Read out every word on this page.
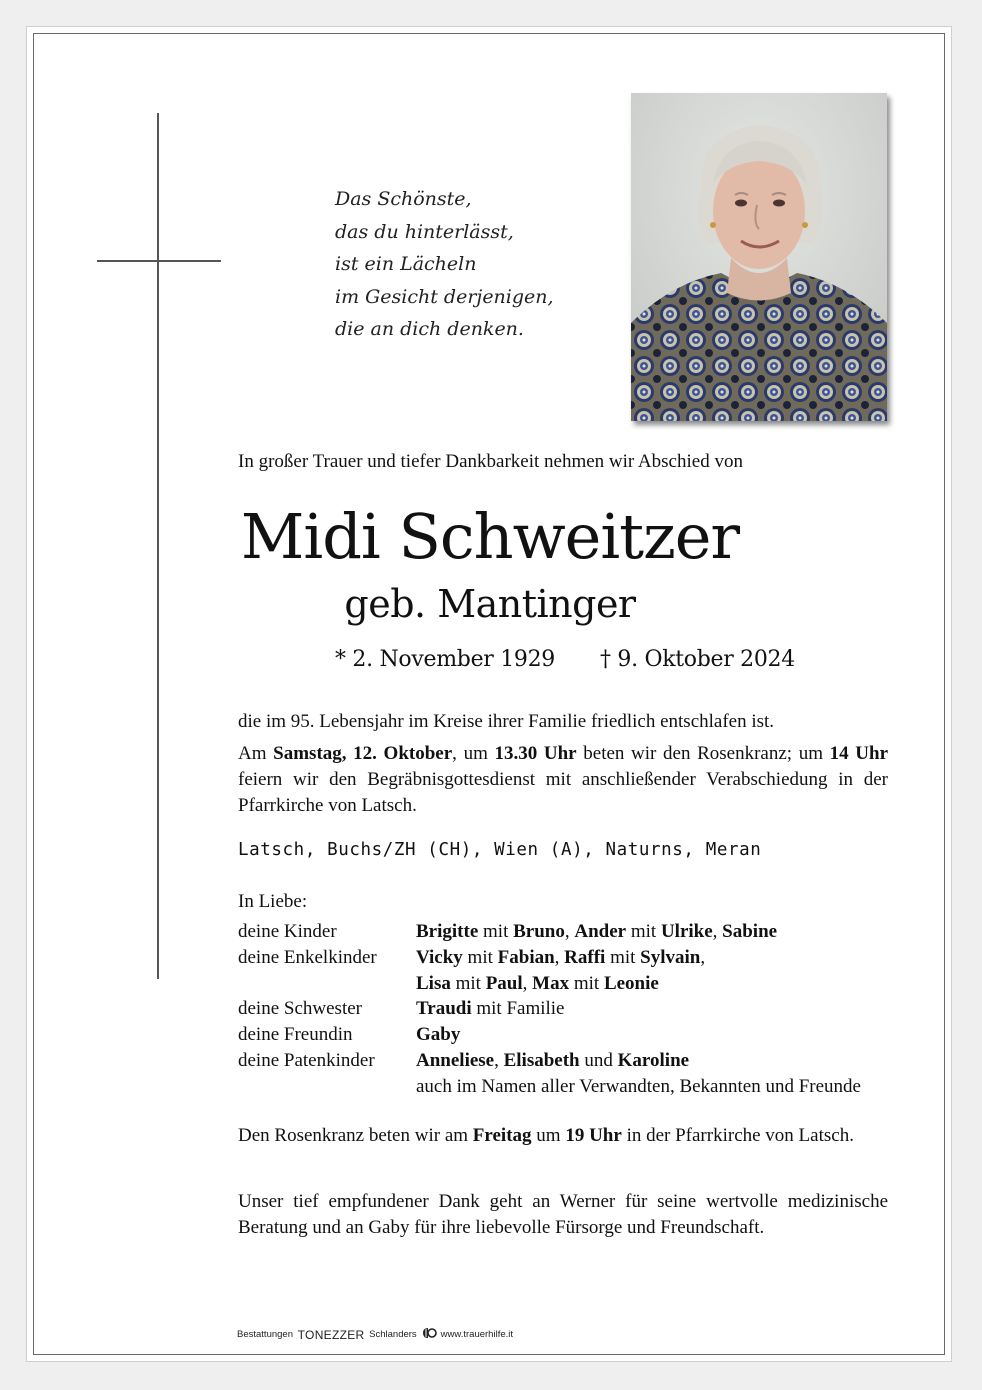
Das Schönste,
das du hinterlässt,
ist ein Lächeln
im Gesicht derjenigen,
die an dich denken.
In großer Trauer und tiefer Dankbarkeit nehmen wir Abschied von
Midi Schweitzer
geb. Mantinger
* 2. November 1929 † 9. Oktober 2024
die im 95. Lebensjahr im Kreise ihrer Familie friedlich entschlafen ist.
Am Samstag, 12. Oktober, um 13.30 Uhr beten wir den Rosenkranz; um 14 Uhr feiern wir den Begräbnisgottesdienst mit anschließender Verabschiedung in der Pfarrkirche von Latsch.
Latsch, Buchs/ZH (CH), Wien (A), Naturns, Meran
In Liebe:
deine Kinder	Brigitte mit Bruno, Ander mit Ulrike, Sabine
deine Enkelkinder	Vicky mit Fabian, Raffi mit Sylvain,
Lisa mit Paul, Max mit Leonie
deine Schwester	Traudi mit Familie
deine Freundin	Gaby
deine Patenkinder	Anneliese, Elisabeth und Karoline
auch im Namen aller Verwandten, Bekannten und Freunde
Den Rosenkranz beten wir am Freitag um 19 Uhr in der Pfarrkirche von Latsch.
Unser tief empfundener Dank geht an Werner für seine wertvolle medizinische Beratung und an Gaby für ihre liebevolle Fürsorge und Freundschaft.
Bestattungen
TONEZZER
Schlanders	www.trauerhilfe.it
